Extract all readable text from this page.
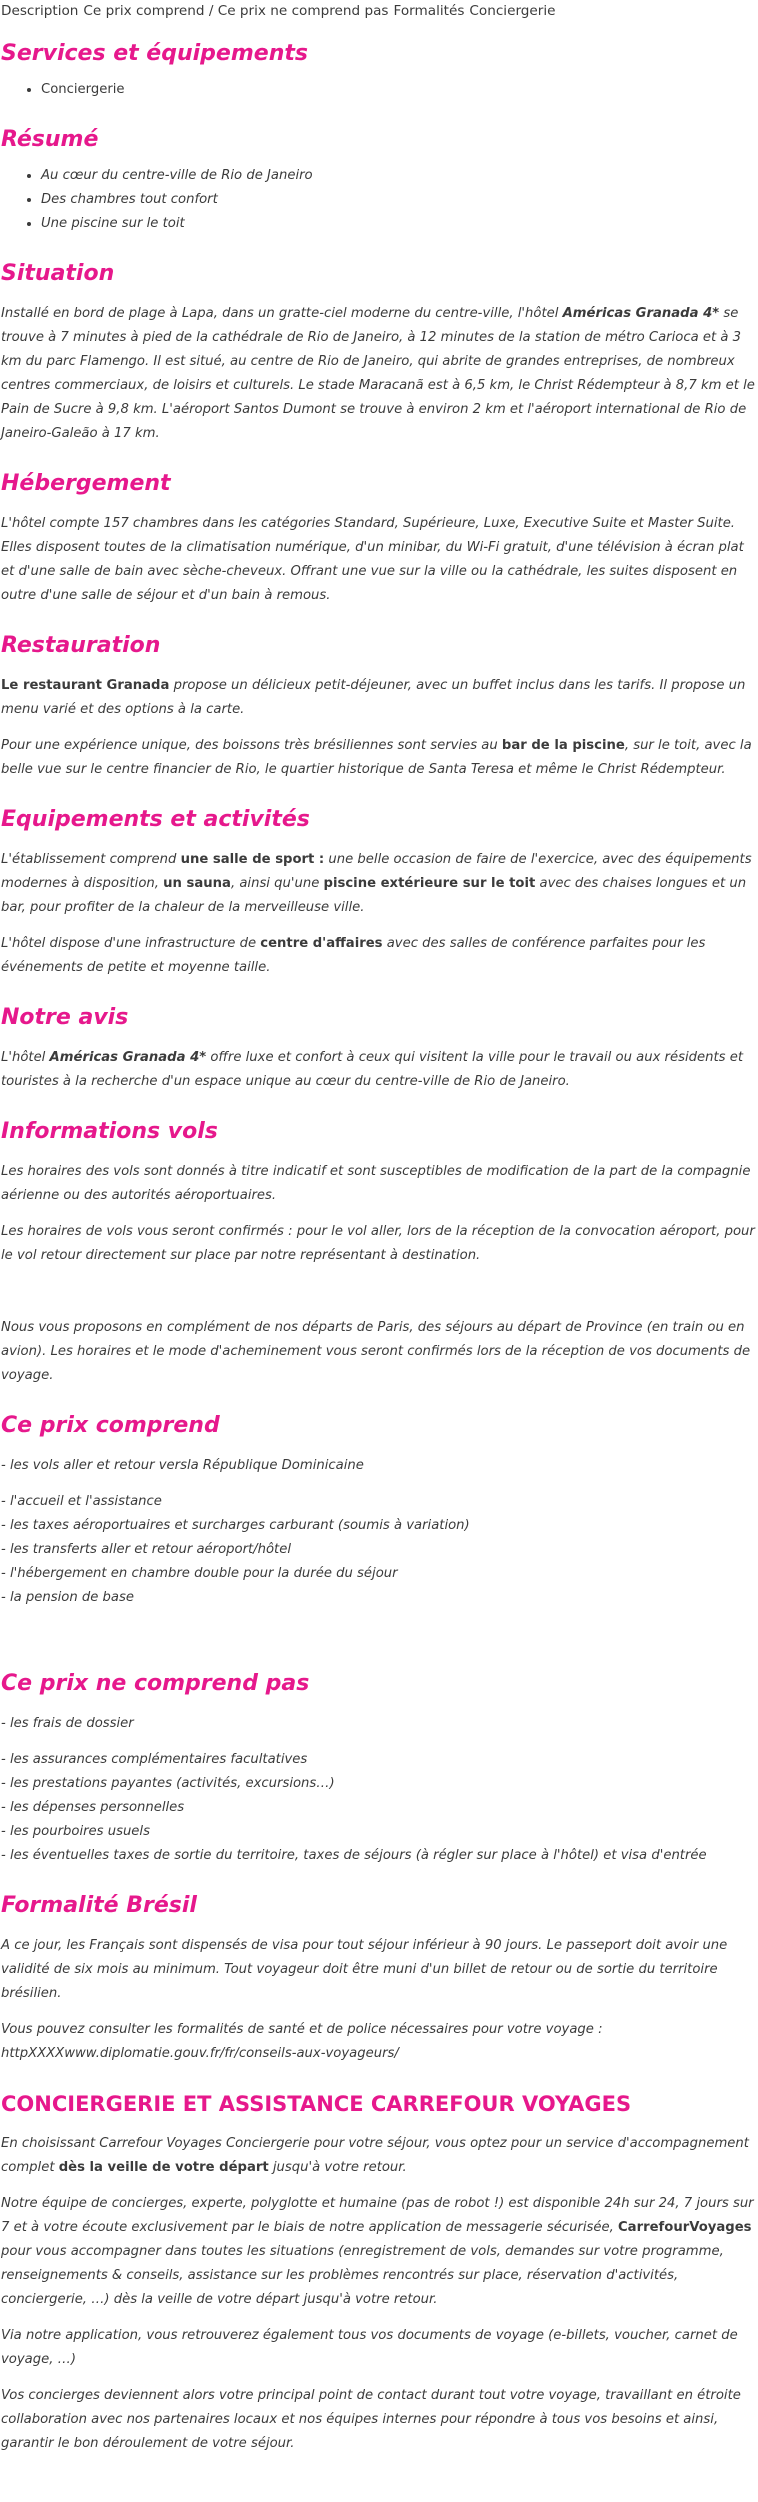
Description Ce prix comprend / Ce prix ne comprend pas Formalités Conciergerie
Services et équipements
• Conciergerie
Résumé
• Au cœur du centre-ville de Rio de Janeiro
• Des chambres tout confort
• Une piscine sur le toit
Situation

Installé en bord de plage à Lapa, dans un gratte-ciel moderne du centre-ville, l'hôtel Américas Granada 4* se trouve à 7 minutes à pied de la cathédrale de Rio de Janeiro, à 12 minutes de la station de métro Carioca et à 3 km du parc Flamengo. Il est situé, au centre de Rio de Janeiro, qui abrite de grandes entreprises, de nombreux centres commerciaux, de loisirs et culturels. Le stade Maracanã est à 6,5 km, le Christ Rédempteur à 8,7 km et le Pain de Sucre à 9,8 km. L'aéroport Santos Dumont se trouve à environ 2 km et l'aéroport international de Rio de Janeiro-Galeão à 17 km.

Hébergement

L'hôtel compte 157 chambres dans les catégories Standard, Supérieure, Luxe, Executive Suite et Master Suite. Elles disposent toutes de la climatisation numérique, d'un minibar, du Wi-Fi gratuit, d'une télévision à écran plat et d'une salle de bain avec sèche-cheveux. Offrant une vue sur la ville ou la cathédrale, les suites disposent en outre d'une salle de séjour et d'un bain à remous.

Restauration

Le restaurant Granada propose un délicieux petit-déjeuner, avec un buffet inclus dans les tarifs. Il propose un menu varié et des options à la carte.

Pour une expérience unique, des boissons très brésiliennes sont servies au bar de la piscine, sur le toit, avec la belle vue sur le centre financier de Rio, le quartier historique de Santa Teresa et même le Christ Rédempteur.

Equipements et activités

L'établissement comprend une salle de sport : une belle occasion de faire de l'exercice, avec des équipements modernes à disposition, un sauna, ainsi qu'une piscine extérieure sur le toit avec des chaises longues et un bar, pour profiter de la chaleur de la merveilleuse ville.

L'hôtel dispose d'une infrastructure de centre d'affaires avec des salles de conférence parfaites pour les événements de petite et moyenne taille.

Notre avis

L'hôtel Américas Granada 4* offre luxe et confort à ceux qui visitent la ville pour le travail ou aux résidents et touristes à la recherche d'un espace unique au cœur du centre-ville de Rio de Janeiro.

Informations vols

Les horaires des vols sont donnés à titre indicatif et sont susceptibles de modification de la part de la compagnie aérienne ou des autorités aéroportuaires.

Les horaires de vols vous seront confirmés : pour le vol aller, lors de la réception de la convocation aéroport, pour le vol retour directement sur place par notre représentant à destination.

Nous vous proposons en complément de nos départs de Paris, des séjours au départ de Province (en train ou en avion). Les horaires et le mode d'acheminement vous seront confirmés lors de la réception de vos documents de voyage.

Ce prix comprend
- les vols aller et retour versla République Dominicaine
- l'accueil et l'assistance
- les taxes aéroportuaires et surcharges carburant (soumis à variation)
- les transferts aller et retour aéroport/hôtel
- l'hébergement en chambre double pour la durée du séjour
- la pension de base
Ce prix ne comprend pas
- les frais de dossier
- les assurances complémentaires facultatives
- les prestations payantes (activités, excursions…)
- les dépenses personnelles
- les pourboires usuels
- les éventuelles taxes de sortie du territoire, taxes de séjours (à régler sur place à l'hôtel) et visa d'entrée
Formalité Brésil

A ce jour, les Français sont dispensés de visa pour tout séjour inférieur à 90 jours. Le passeport doit avoir une validité de six mois au minimum. Tout voyageur doit être muni d'un billet de retour ou de sortie du territoire brésilien.

Vous pouvez consulter les formalités de santé et de police nécessaires pour votre voyage :
httpXXXXwww.diplomatie.gouv.fr/fr/conseils-aux-voyageurs/

CONCIERGERIE ET ASSISTANCE CARREFOUR VOYAGES

En choisissant Carrefour Voyages Conciergerie pour votre séjour, vous optez pour un service d'accompagnement complet dès la veille de votre départ jusqu'à votre retour.

Notre équipe de concierges, experte, polyglotte et humaine (pas de robot !) est disponible 24h sur 24, 7 jours sur 7 et à votre écoute exclusivement par le biais de notre application de messagerie sécurisée, CarrefourVoyages pour vous accompagner dans toutes les situations (enregistrement de vols, demandes sur votre programme, renseignements & conseils, assistance sur les problèmes rencontrés sur place, réservation d'activités, conciergerie, …) dès la veille de votre départ jusqu'à votre retour.

Via notre application, vous retrouverez également tous vos documents de voyage (e-billets, voucher, carnet de voyage, …)

Vos concierges deviennent alors votre principal point de contact durant tout votre voyage, travaillant en étroite collaboration avec nos partenaires locaux et nos équipes internes pour répondre à tous vos besoins et ainsi, garantir le bon déroulement de votre séjour.
